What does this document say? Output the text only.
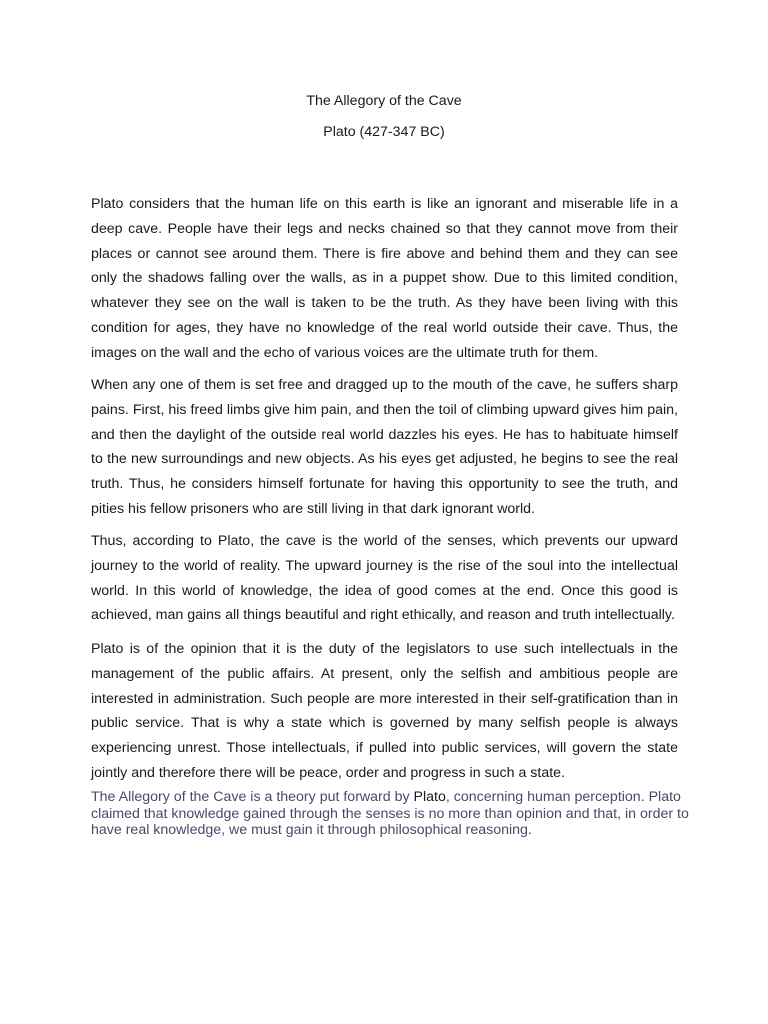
The Allegory of the Cave
Plato (427-347 BC)

Plato considers that the human life on this earth is like an ignorant and miserable life in a deep cave. People have their legs and necks chained so that they cannot move from their places or cannot see around them. There is fire above and behind them and they can see only the shadows falling over the walls, as in a puppet show. Due to this limited condition, whatever they see on the wall is taken to be the truth. As they have been living with this condition for ages, they have no knowledge of the real world outside their cave. Thus, the images on the wall and the echo of various voices are the ultimate truth for them.

When any one of them is set free and dragged up to the mouth of the cave, he suffers sharp pains. First, his freed limbs give him pain, and then the toil of climbing upward gives him pain, and then the daylight of the outside real world dazzles his eyes. He has to habituate himself to the new surroundings and new objects. As his eyes get adjusted, he begins to see the real truth. Thus, he considers himself fortunate for having this opportunity to see the truth, and pities his fellow prisoners who are still living in that dark ignorant world.

Thus, according to Plato, the cave is the world of the senses, which prevents our upward journey to the world of reality. The upward journey is the rise of the soul into the intellectual world. In this world of knowledge, the idea of good comes at the end. Once this good is achieved, man gains all things beautiful and right ethically, and reason and truth intellectually.

Plato is of the opinion that it is the duty of the legislators to use such intellectuals in the management of the public affairs. At present, only the selfish and ambitious people are interested in administration. Such people are more interested in their self-gratification than in public service. That is why a state which is governed by many selfish people is always experiencing unrest. Those intellectuals, if pulled into public services, will govern the state jointly and therefore there will be peace, order and progress in such a state.

The Allegory of the Cave is a theory put forward by Plato, concerning human perception. Plato claimed that knowledge gained through the senses is no more than opinion and that, in order to have real knowledge, we must gain it through philosophical reasoning.
